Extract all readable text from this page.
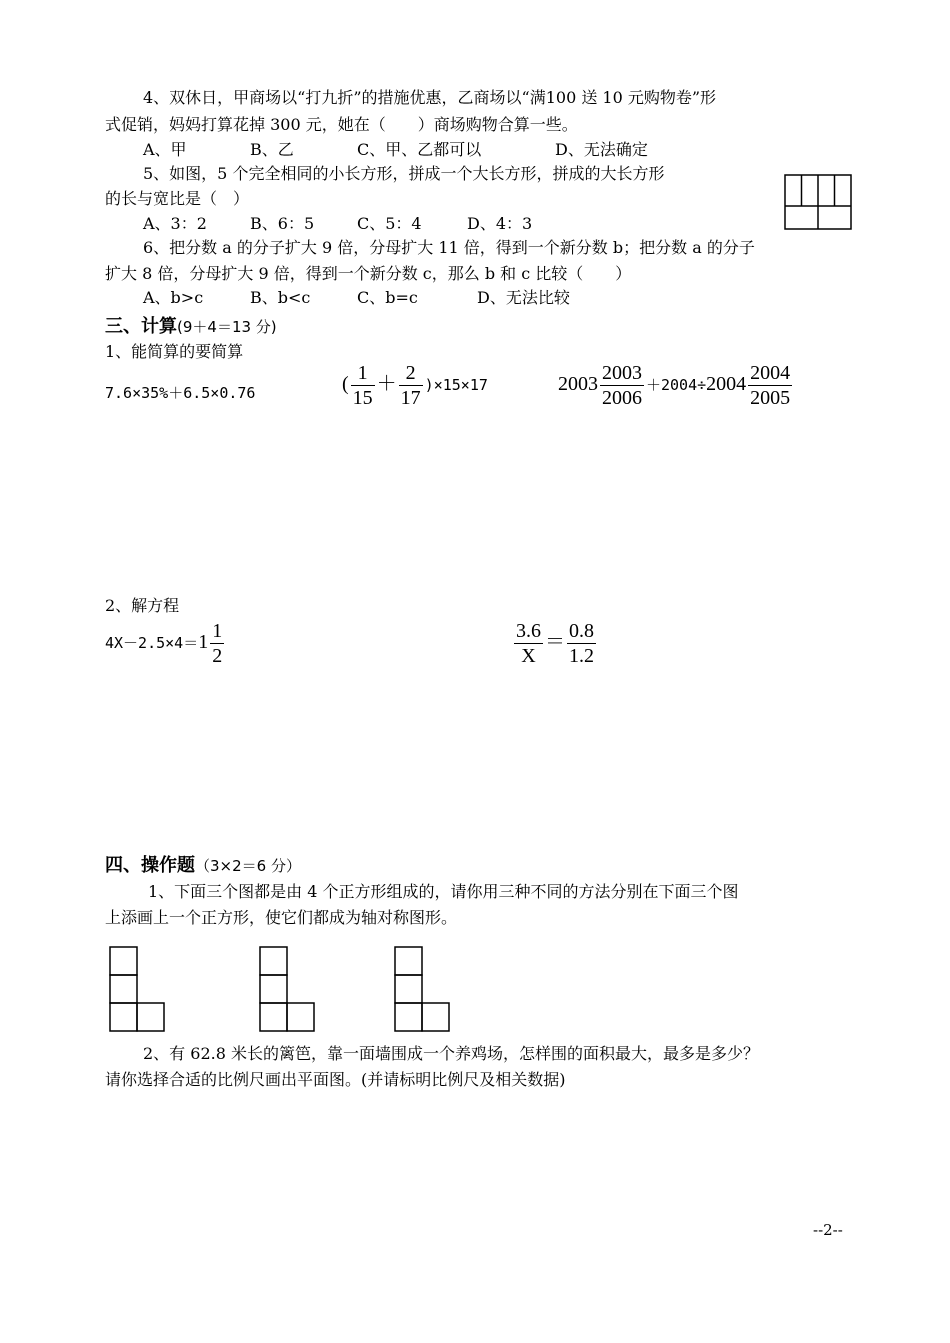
4、双休日，甲商场以“打九折”的措施优惠，乙商场以“满100 送 10 元购物卷”形
式促销，妈妈打算花掉 300 元，她在（　　）商场购物合算一些。
A、甲	B、乙	C、甲、乙都可以	D、无法确定
5、如图，5 个完全相同的小长方形，拼成一个大长方形，拼成的大长方形
的长与宽比是（　）
A、3：2	B、6：5	C、5：4	D、4：3
6、把分数 a 的分子扩大 9 倍，分母扩大 11 倍，得到一个新分数 b；把分数 a 的分子
扩大 8 倍，分母扩大 9 倍，得到一个新分数 c，那么 b 和 c 比较（　　）
A、b>c	B、b<c	C、b=c	D、无法比较
三、计算(9＋4＝13 分)
1、能简算的要简算
7.6×35%＋6.5×0.76	( $\frac{1}{15} + \frac{2}{17} )\times 15\times 17$	$2003 \frac{2003}{2006} +2004\div 2004 \frac{2004}{2005}$
2、解方程
$4X-2.5\times 4=1 \frac{1}{2}$	$\frac{3.6}{X} = \frac{0.8}{1.2}$
四、操作题（3×2＝6 分）
1、下面三个图都是由 4 个正方形组成的，请你用三种不同的方法分别在下面三个图
上添画上一个正方形，使它们都成为轴对称图形。
2、有 62.8 米长的篱笆，靠一面墙围成一个养鸡场，怎样围的面积最大，最多是多少？
请你选择合适的比例尺画出平面图。(并请标明比例尺及相关数据)
--2--
